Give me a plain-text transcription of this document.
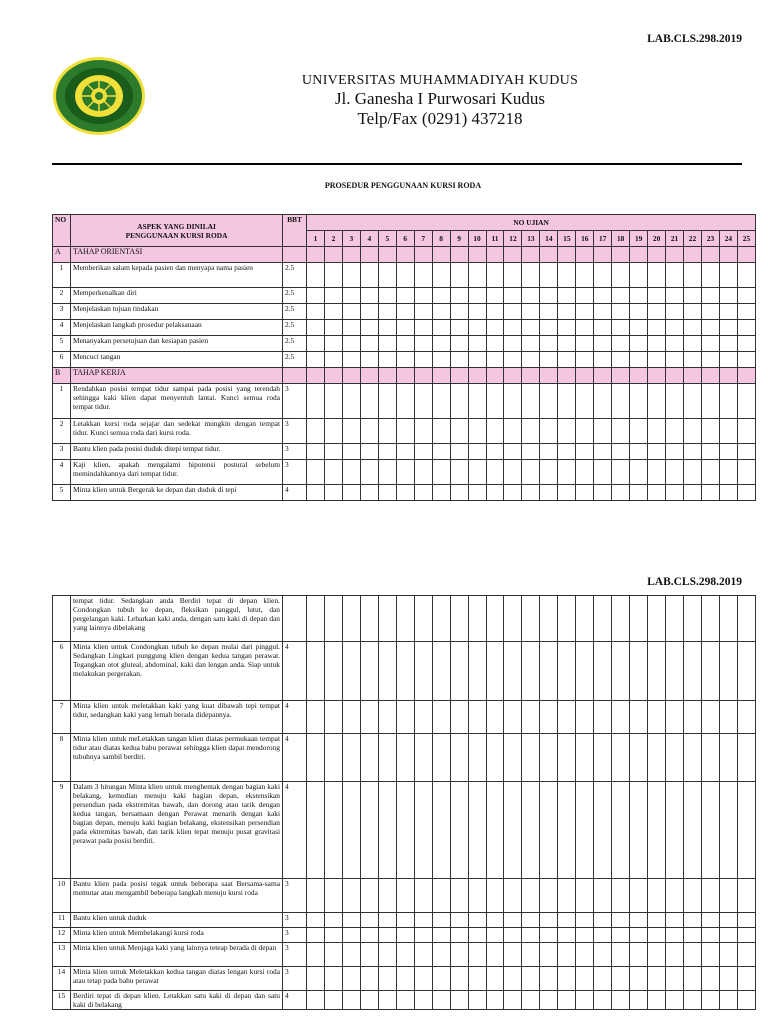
LAB.CLS.298.2019
UNIVERSITAS MUHAMMADIYAH KUDUS
Jl. Ganesha I Purwosari Kudus
Telp/Fax (0291) 437218
PROSEDUR PENGGUNAAN KURSI RODA
NO	ASPEK YANG DINILAI
PENGGUNAAN KURSI RODA	BBT	NO UJIAN																								
			1	2	3	4	5	6	7	8	9	10	11	12	13	14	15	16	17	18	19	20	21	22	23	24	25
A	TAHAP ORIENTASI																										
1	Memberikan salam kepada pasien dan menyapa nama pasien	2.5																									
2	Memperkenalkan diri	2.5																									
3	Menjelaskan tujuan tindakan	2.5																									
4	Menjelaskan langkah prosedur pelaksanaan	2.5																									
5	Menanyakan persetujuan dan kesiapan pasien	2.5																									
6	Mencuci tangan	2.5																									
B	TAHAP KERJA																										
1	Rendahkan posisi tempat tidur sampai pada posisi yang terendah sehingga kaki klien dapat menyentuh lantai. Kunci semua roda tempat tidur.	3																									
2	Letakkan kursi roda sejajar dan sedekat mungkin dengan tempat tidur. Kunci semua roda dari kursi roda.	3																									
3	Bantu klien pada posisi duduk ditepi tempat tidur.	3																									
4	Kaji klien, apakah mengalami hipotensi postural sebelum memindahkannya dari tempat tidur.	3																									
5	Minta klien untuk Bergerak ke depan dan duduk di tepi	4																									
LAB.CLS.298.2019
	tempat tidur. Sedangkan anda Berdiri tepat di depan klien. Condongkan tubuh ke depan, fleksikan panggul, lutut, dan pergelangan kaki. Lebarkan kaki anda, dengan satu kaki di depan dan yang lainnya dibelakang																										
6	Minta klien untuk Condongkan tubuh ke depan mulai dari pinggul. Sedangkan Lingkari punggung klien dengan kedua tangan perawat. Tegangkan otot gluteal, abdominal, kaki dan lengan anda. Siap untuk melakukan pergerakan.	4																									
7	Minta klien untuk meletakkan kaki yang kuat dibawah tepi tempat tidur, sedangkan kaki yang lemah berada didepannya.	4																									
8	Minta klien untuk meLetakkan tangan klien diatas permukaan tempat tidur atau diatas kedua bahu perawat sehingga klien dapat mendorong tubuhnya sambil berdiri.	4																									
9	Dalam 3 hitungan Minta klien untuk menghentak dengan bagian kaki belakang, kemudian menuju kaki bagian depan, ekstensikan persendian pada ekstremitas bawah, dan dorong atau tarik dengan kedua tangan, bersamaan dengan Perawat menarik dengan kaki bagian depan, menuju kaki bagian belakang, ekstensikan persendian pada ektremitas bawah, dan tarik klien tepat menuju pusat gravitasi perawat pada posisi berdiri.	4																									
10	Bantu klien pada posisi tegak untuk beberapa saat Bersama-sama memutar atau mengambil beberapa langkah menuju kursi roda	3																									
11	Bantu klien untuk duduk	3																									
12	Minta klien untuk Membelakangi kursi roda	3																									
13	Minta klien untuk Menjaga kaki yang lainnya teteap berada di depan	3																									
14	Minta klien untuk Meletakkan kedua tangan diatas lengan kursi roda atau tetap pada bahu perawat	3																									
15	Berdiri tepat di depan klien. Letakkan satu kaki di depan dan satu kaki di belakang	4																									
